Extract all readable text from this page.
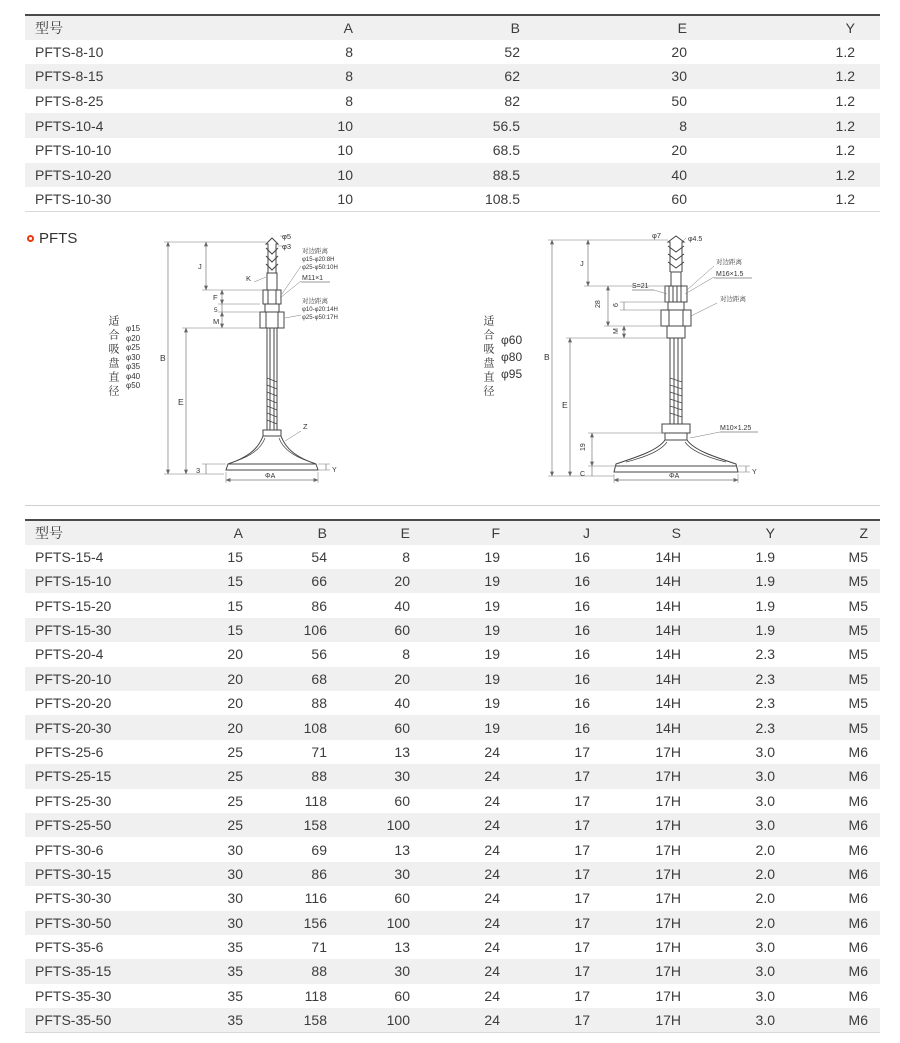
型号	A	B	E	Y
PFTS-8-10	8	52	20	1.2
PFTS-8-15	8	62	30	1.2
PFTS-8-25	8	82	50	1.2
PFTS-10-4	10	56.5	8	1.2
PFTS-10-10	10	68.5	20	1.2
PFTS-10-20	10	88.5	40	1.2
PFTS-10-30	10	108.5	60	1.2
PFTS
适合吸盘直径 φ15
φ20
φ25
φ30
φ35
φ40
φ50
φ5
φ3
B
E
J
K
F
5
M
3
Z
Y
ΦA
对边距离
φ15-φ20:8H
φ25-φ50:10H
M11×1
对边距离
φ10-φ20:14H
φ25-φ50:17H	适合吸盘直径 φ60
φ80
φ95
φ7	φ4.5
J
S=21
B
E
28 6
M
19
C
对边距离
M16×1.5
对边距离
M10×1.25
ΦA
Y
型号	A	B	E	F	J	S	Y	Z
PFTS-15-4	15	54	8	19	16	14H	1.9	M5
PFTS-15-10	15	66	20	19	16	14H	1.9	M5
PFTS-15-20	15	86	40	19	16	14H	1.9	M5
PFTS-15-30	15	106	60	19	16	14H	1.9	M5
PFTS-20-4	20	56	8	19	16	14H	2.3	M5
PFTS-20-10	20	68	20	19	16	14H	2.3	M5
PFTS-20-20	20	88	40	19	16	14H	2.3	M5
PFTS-20-30	20	108	60	19	16	14H	2.3	M5
PFTS-25-6	25	71	13	24	17	17H	3.0	M6
PFTS-25-15	25	88	30	24	17	17H	3.0	M6
PFTS-25-30	25	118	60	24	17	17H	3.0	M6
PFTS-25-50	25	158	100	24	17	17H	3.0	M6
PFTS-30-6	30	69	13	24	17	17H	2.0	M6
PFTS-30-15	30	86	30	24	17	17H	2.0	M6
PFTS-30-30	30	116	60	24	17	17H	2.0	M6
PFTS-30-50	30	156	100	24	17	17H	2.0	M6
PFTS-35-6	35	71	13	24	17	17H	3.0	M6
PFTS-35-15	35	88	30	24	17	17H	3.0	M6
PFTS-35-30	35	118	60	24	17	17H	3.0	M6
PFTS-35-50	35	158	100	24	17	17H	3.0	M6
